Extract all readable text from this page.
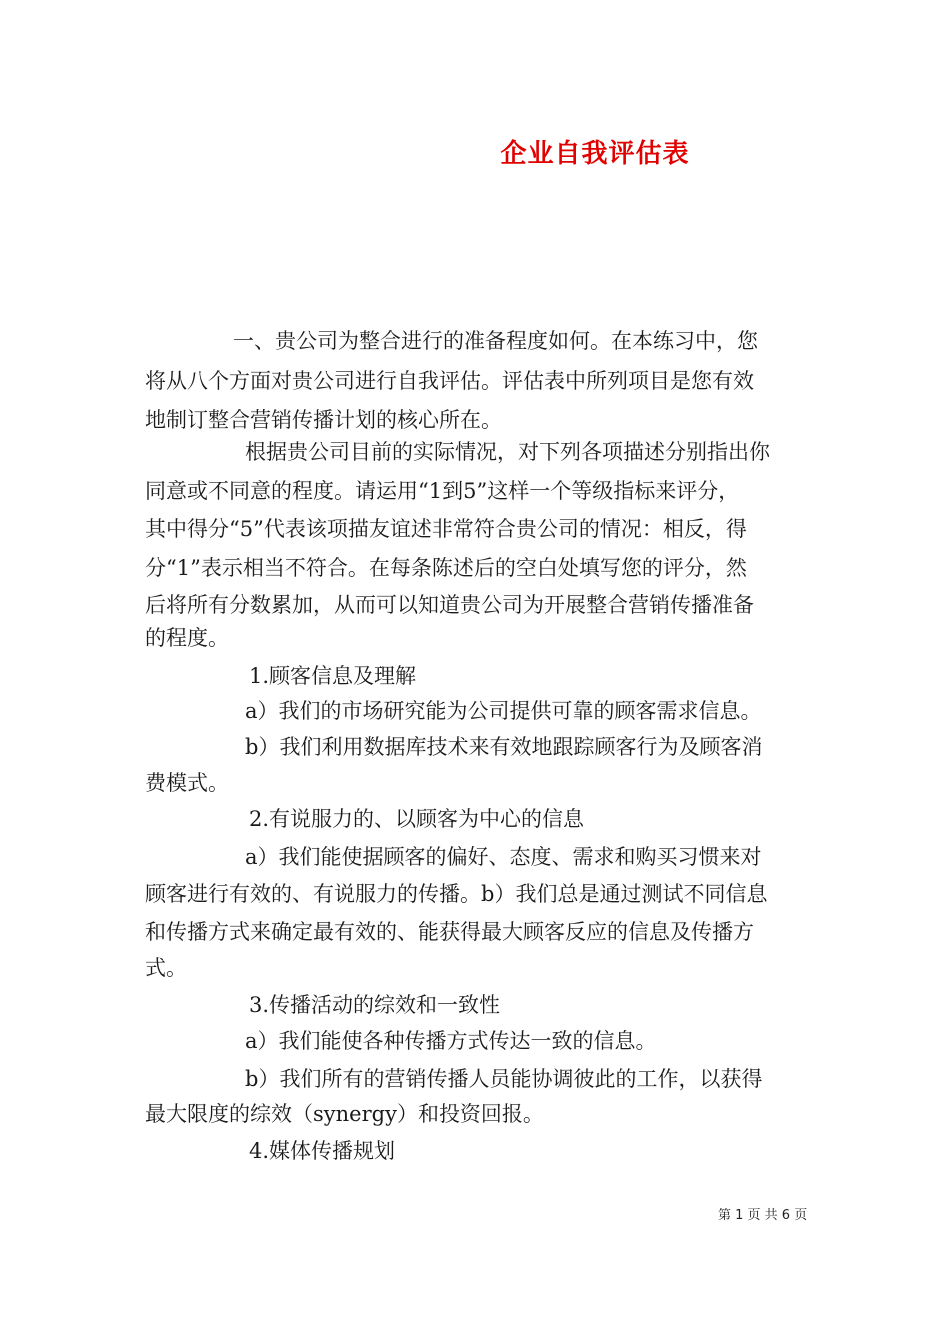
企业自我评估表
一、贵公司为整合进行的准备程度如何。在本练习中，您
将从八个方面对贵公司进行自我评估。评估表中所列项目是您有效
地制订整合营销传播计划的核心所在。
根据贵公司目前的实际情况，对下列各项描述分别指出你
同意或不同意的程度。请运用“1到5”这样一个等级指标来评分，
其中得分“5”代表该项描友谊述非常符合贵公司的情况：相反，得
分“1”表示相当不符合。在每条陈述后的空白处填写您的评分，然
后将所有分数累加，从而可以知道贵公司为开展整合营销传播准备
的程度。
1.顾客信息及理解
a）我们的市场研究能为公司提供可靠的顾客需求信息。
b）我们利用数据库技术来有效地跟踪顾客行为及顾客消
费模式。
2.有说服力的、以顾客为中心的信息
a）我们能使据顾客的偏好、态度、需求和购买习惯来对
顾客进行有效的、有说服力的传播。b）我们总是通过测试不同信息
和传播方式来确定最有效的、能获得最大顾客反应的信息及传播方
式。
3.传播活动的综效和一致性
a）我们能使各种传播方式传达一致的信息。
b）我们所有的营销传播人员能协调彼此的工作，以获得
最大限度的综效（synergy）和投资回报。
4.媒体传播规划
第 1 页 共 6 页
